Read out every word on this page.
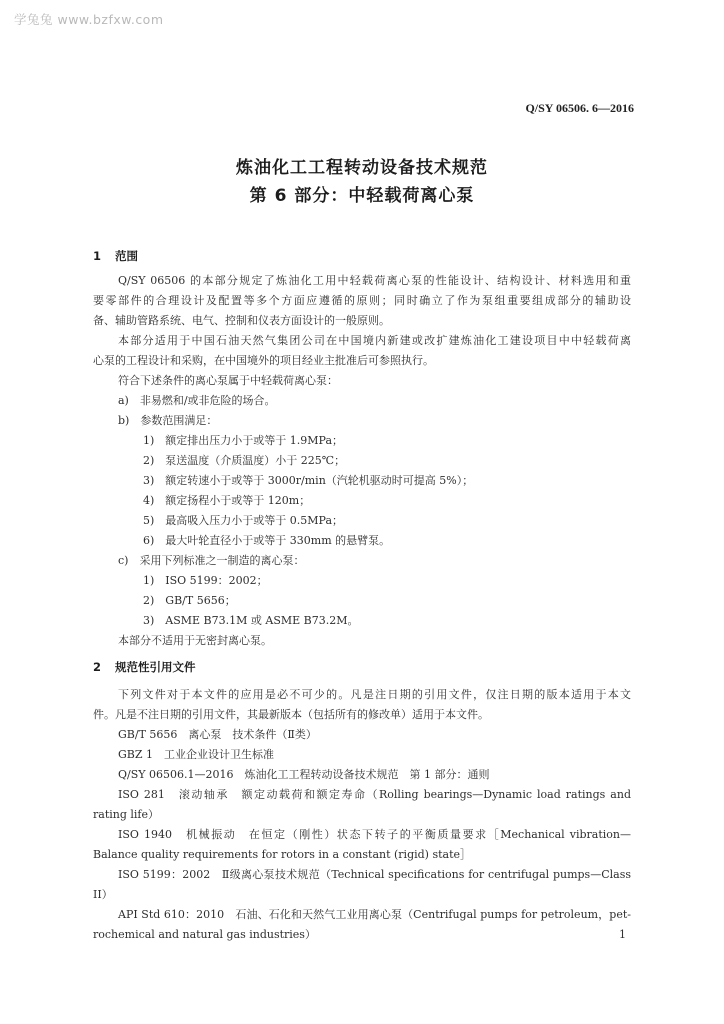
学兔兔 www.bzfxw.com
Q/SY 06506. 6—2016
炼油化工工程转动设备技术规范
第 6 部分：中轻载荷离心泵
1 范围
Q/SY 06506 的本部分规定了炼油化工用中轻载荷离心泵的性能设计、结构设计、材料选用和重
要零部件的合理设计及配置等多个方面应遵循的原则；同时确立了作为泵组重要组成部分的辅助设
备、辅助管路系统、电气、控制和仪表方面设计的一般原则。
本部分适用于中国石油天然气集团公司在中国境内新建或改扩建炼油化工建设项目中中轻载荷离
心泵的工程设计和采购，在中国境外的项目经业主批准后可参照执行。
符合下述条件的离心泵属于中轻载荷离心泵：
a)　非易燃和/或非危险的场合。
b)　参数范围满足：
1)　额定排出压力小于或等于 1.9MPa；
2)　泵送温度（介质温度）小于 225℃；
3)　额定转速小于或等于 3000r/min（汽轮机驱动时可提高 5%）；
4)　额定扬程小于或等于 120m；
5)　最高吸入压力小于或等于 0.5MPa；
6)　最大叶轮直径小于或等于 330mm 的悬臂泵。
c)　采用下列标准之一制造的离心泵：
1)　ISO 5199：2002；
2)　GB/T 5656；
3)　ASME B73.1M 或 ASME B73.2M。
本部分不适用于无密封离心泵。
2 规范性引用文件
下列文件对于本文件的应用是必不可少的。凡是注日期的引用文件，仅注日期的版本适用于本文
件。凡是不注日期的引用文件，其最新版本（包括所有的修改单）适用于本文件。
GB/T 5656　离心泵　技术条件（Ⅱ类）
GBZ 1　工业企业设计卫生标准
Q/SY 06506.1—2016　炼油化工工程转动设备技术规范　第 1 部分：通则
ISO 281　滚动轴承　额定动载荷和额定寿命（Rolling bearings—Dynamic load ratings and
rating life）
ISO 1940　机械振动　在恒定（刚性）状态下转子的平衡质量要求［Mechanical vibration—
Balance quality requirements for rotors in a constant (rigid) state］
ISO 5199：2002　Ⅱ级离心泵技术规范（Technical specifications for centrifugal pumps—Class
II）
API Std 610：2010　石油、石化和天然气工业用离心泵（Centrifugal pumps for petroleum，pet-
rochemical and natural gas industries）	1
